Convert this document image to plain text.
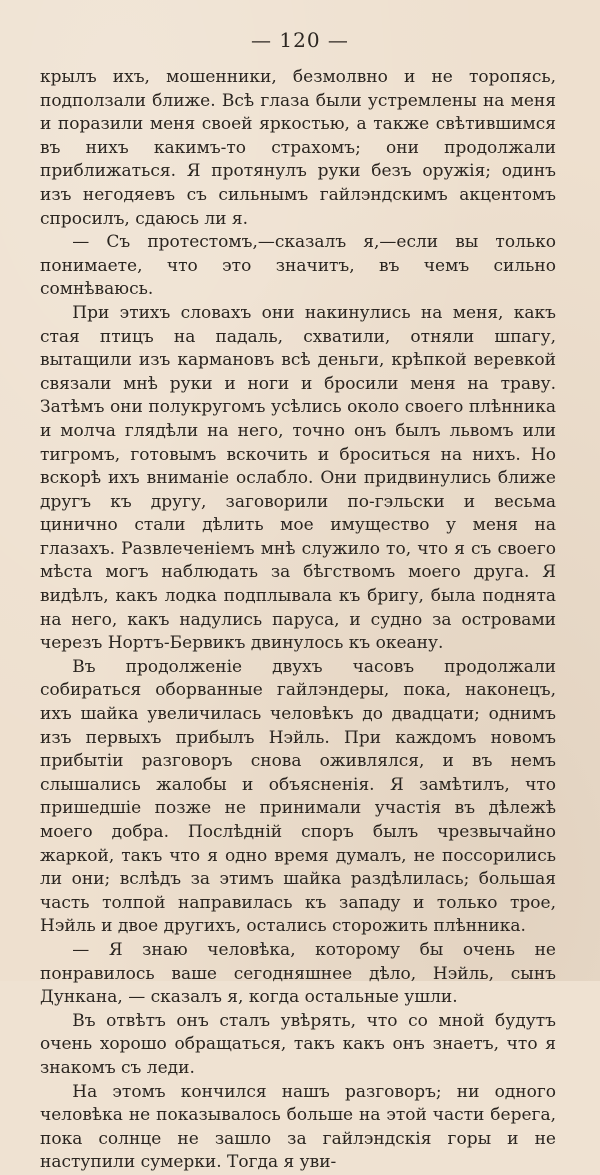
— 120 —

крылъ ихъ, мошенники, безмолвно и не торопясь, подползали ближе. Всѣ глаза были устремлены на меня и поразили меня своей яркостью, а также свѣтившимся въ нихъ какимъ-то страхомъ; они продолжали приближаться. Я протянулъ руки безъ оружія; одинъ изъ негодяевъ съ сильнымъ гайлэндскимъ акцентомъ спросилъ, сдаюсь ли я.

— Съ протестомъ,—сказалъ я,—если вы только понимаете, что это значитъ, въ чемъ сильно сомнѣваюсь.

При этихъ словахъ они накинулись на меня, какъ стая птицъ на падаль, схватили, отняли шпагу, вытащили изъ кармановъ всѣ деньги, крѣпкой веревкой связали мнѣ руки и ноги и бросили меня на траву. Затѣмъ они полукругомъ усѣлись около своего плѣнника и молча глядѣли на него, точно онъ былъ львомъ или тигромъ, готовымъ вскочить и броситься на нихъ. Но вскорѣ ихъ вниманіе ослабло. Они придвинулись ближе другъ къ другу, заговорили по-гэльски и весьма цинично стали дѣлить мое имущество у меня на глазахъ. Развлеченіемъ мнѣ служило то, что я съ своего мѣста могъ наблюдать за бѣгствомъ моего друга. Я видѣлъ, какъ лодка подплывала къ бригу, была поднята на него, какъ надулись паруса, и судно за островами черезъ Нортъ-Бервикъ двинулось къ океану.

Въ продолженіе двухъ часовъ продолжали собираться оборванные гайлэндеры, пока, наконецъ, ихъ шайка увеличилась человѣкъ до двадцати; однимъ изъ первыхъ прибылъ Нэйль. При каждомъ новомъ прибытіи разговоръ снова оживлялся, и въ немъ слышались жалобы и объясненія. Я замѣтилъ, что пришедшіе позже не принимали участія въ дѣлежѣ моего добра. Послѣдній споръ былъ чрезвычайно жаркой, такъ что я одно время думалъ, не поссорились ли они; вслѣдъ за этимъ шайка раздѣлилась; большая часть толпой направилась къ западу и только трое, Нэйль и двое другихъ, остались сторожить плѣнника.

— Я знаю человѣка, которому бы очень не понравилось ваше сегодняшнее дѣло, Нэйль, сынъ Дункана, — сказалъ я, когда остальные ушли.

Въ отвѣтъ онъ сталъ увѣрять, что со мной будутъ очень хорошо обращаться, такъ какъ онъ знаетъ, что я знакомъ съ леди.

На этомъ кончился нашъ разговоръ; ни одного человѣка не показывалось больше на этой части берега, пока солнце не зашло за гайлэндскія горы и не наступили сумерки. Тогда я уви-
